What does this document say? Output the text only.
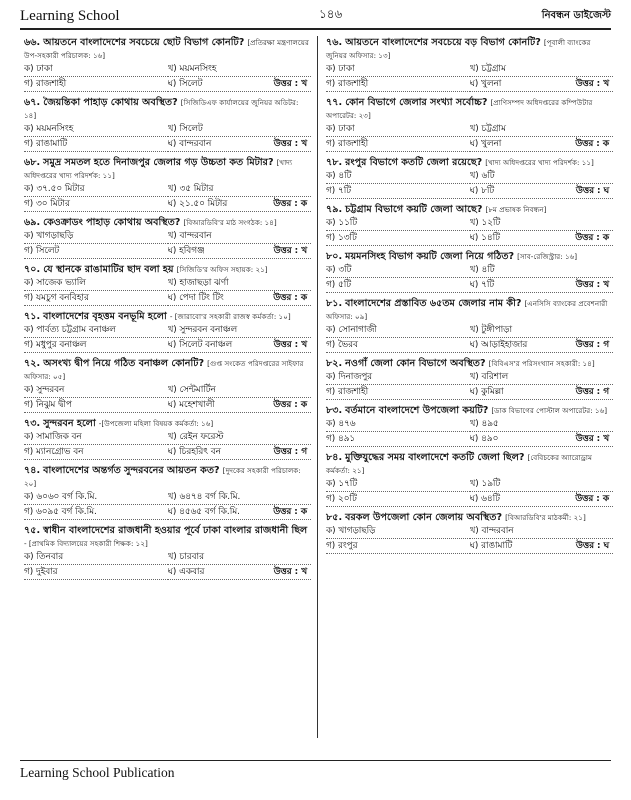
Learning School	১৪৬	নিবন্ধন ডাইজেস্ট
৬৬. আয়তনে বাংলাদেশের সবচেয়ে ছোট বিভাগ কোনটি? [প্রতিরক্ষা মন্ত্রণালয়ের উপ-সহকারী পরিচালক: ১৬]
ক) ঢাকা	খ) ময়মনসিংহ
গ) রাজশাহী	ঘ) সিলেট	উত্তর : খ
৬৭. জৈয়ন্তিকা পাহাড় কোথায় অবস্থিত? [সিজিডিএফ কার্যালয়ের জুনিয়র অডিটর: ১৪]
ক) ময়মনসিংহ	খ) সিলেট
গ) রাঙামাটি	ঘ) বান্দরবান	উত্তর : খ
৬৮. সমুদ্র সমতল হতে দিনাজপুর জেলার গড় উচ্চতা কত মিটার? [খাদ্য অধিদপ্তরের খাদ্য পরিদর্শক: ১১]
ক) ৩৭.৫০ মিটার	খ) ৩৫ মিটার
গ) ৩০ মিটার	ঘ) ২১.৫০ মিটার	উত্তর : ক
৬৯. কেওক্রাডং পাহাড় কোথায় অবস্থিত? [বিআরডিবি'র মাঠ সংগঠক: ১৪]
ক) খাগড়াছড়ি	খ) বান্দরবান
গ) সিলেট	ঘ) হবিগঞ্জ	উত্তর : খ
৭০. যে স্থানকে রাঙামাটির ছাদ বলা হয় [সিজিডি'র অফিস সহায়ক: ২১]
ক) সাজেক ভ্যালি	খ) হাজাছড়া ঝর্ণা
গ) যমচুগ বনবিহার	ঘ) পেদা টিং টিং	উত্তর : ক
৭১. বাংলাদেশের বৃহত্তম বনভূমি হলো - [জারাবো'র সহকারী রাজস্ব কর্মকর্তা: ১০]
ক) পার্বত্য চট্টগ্রাম বনাঞ্চল	খ) সুন্দরবন বনাঞ্চল
গ) মধুপুর বনাঞ্চল	ঘ) সিলেট বনাঞ্চল	উত্তর : খ
৭২. অসংখ্য দ্বীপ নিয়ে গঠিত বনাঞ্চল কোনটি? [গুপ্ত সংকেত পরিদপ্তরের সাইফার অফিসার: ০৫]
ক) সুন্দরবন	খ) সেন্টমার্টিন
গ) নিঝুম দ্বীপ	ঘ) মহেশখালী	উত্তর : ক
৭৩. সুন্দরবন হলো -[উপজেলা মহিলা বিষয়ক কর্মকর্তা: ১৬]
ক) সামাজিক বন	খ) রেইন ফরেস্ট
গ) ম্যানগ্রোভ বন	ঘ) চিরহরিৎ বন	উত্তর : গ
৭৪. বাংলাদেশের অন্তর্গত সুন্দরবনের আয়তন কত? [দুদকের সহকারী পরিচালক: ২০]
ক) ৬০৬০ বর্গ কি.মি.	খ) ৬৪৭৪ বর্গ কি.মি.
গ) ৬০৯৫ বর্গ কি.মি.	ঘ) ৪৫৬৫ বর্গ কি.মি.	উত্তর : ক
৭৫. স্বাধীন বাংলাদেশের রাজধানী হওয়ার পূর্বে ঢাকা বাংলার রাজধানী ছিল - [প্রাথমিক বিদ্যালয়ের সহকারী শিক্ষক: ১২]
ক) তিনবার	খ) চারবার
গ) দুইবার	ঘ) একবার	উত্তর : খ
৭৬. আয়তনে বাংলাদেশের সবচেয়ে বড় বিভাগ কোনটি? [পূবালী ব্যাংকের জুনিয়র অফিসার: ১৩]
ক) ঢাকা	খ) চট্টগ্রাম
গ) রাজশাহী	ঘ) খুলনা	উত্তর : খ
৭৭. কোন বিভাগে জেলার সংখ্যা সর্বোচ্চ? [প্রাণিসম্পদ অধিদপ্তরের কম্পিউটার অপারেটর: ২৩]
ক) ঢাকা	খ) চট্টগ্রাম
গ) রাজশাহী	ঘ) খুলনা	উত্তর : ক
৭৮. রংপুর বিভাগে কতটি জেলা রয়েছে? [খাদ্য অধিদপ্তরের খাদ্য পরিদর্শক: ১১]
ক) ৪টি	খ) ৬টি
গ) ৭টি	ঘ) ৮টি	উত্তর : ঘ
৭৯. চট্টগ্রাম বিভাগে কয়টি জেলা আছে? [৮ম প্রভাষক নিবন্ধন]
ক) ১১টি	খ) ১২টি
গ) ১৩টি	ঘ) ১৪টি	উত্তর : ক
৮০. ময়মনসিংহ বিভাগ কয়টি জেলা নিয়ে গঠিত? [সাব-রেজিস্ট্রার: ১৬]
ক) ৩টি	খ) ৪টি
গ) ৫টি	ঘ) ৭টি	উত্তর : খ
৮১. বাংলাদেশের প্রস্তাবিত ৬৫তম জেলার নাম কী? [এনসিসি ব্যাংকের প্রবেশনারী অফিসার: ০৯]
ক) সোনাগাজী	খ) টুঙ্গীপাড়া
গ) ভৈরব	ঘ) আড়াইহাজার	উত্তর : গ
৮২. নওগাঁ জেলা কোন বিভাগে অবস্থিত? [বিবিএস'র পরিসংখ্যান সহকারী: ১৪]
ক) দিনাজপুর	খ) বরিশাল
গ) রাজশাহী	ঘ) কুমিল্লা	উত্তর : গ
৮৩. বর্তমানে বাংলাদেশে উপজেলা কয়টি? [ডাক বিভাগের পোস্টাল অপারেটর: ১৬]
ক) ৪৭৬	খ) ৪৯৫
গ) ৪৯১	ঘ) ৪৯০	উত্তর : খ
৮৪. মুক্তিযুদ্ধের সময় বাংলাদেশে কতটি জেলা ছিল? [বেবিচকের অ্যারোড্রাম কর্মকর্তা: ২১]
ক) ১৭টি	খ) ১৯টি
গ) ২০টি	ঘ) ৬৪টি	উত্তর : ক
৮৫. বরকল উপজেলা কোন জেলায় অবস্থিত? [বিআরডিবি'র মাঠকর্মী: ২১]
ক) খাগড়াছড়ি	খ) বান্দরবান
গ) রংপুর	ঘ) রাঙামাটি	উত্তর : ঘ
Learning School Publication
